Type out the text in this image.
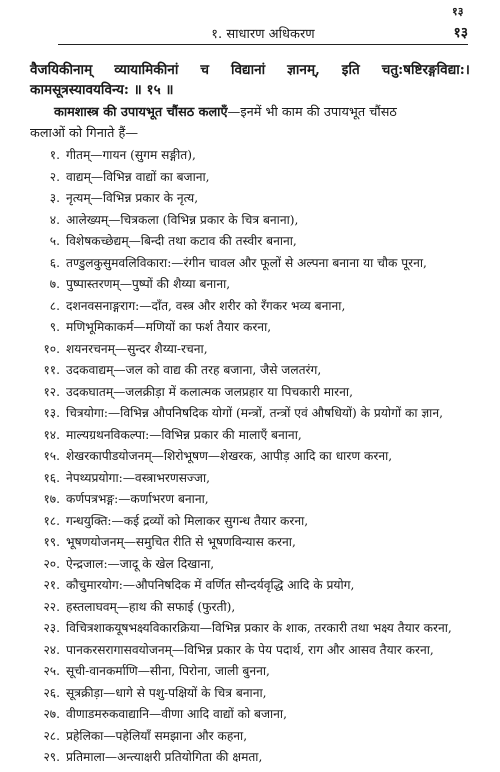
१३
१. साधारण अधिकरण	१३
वैजयिकीनाम् व्यायामिकीनां च विद्यानां ज्ञानम्, इति चतु:षष्टिरङ्गविद्या:।
कामसूत्रस्यावयविन्य: ॥ १५ ॥
कामशास्त्र की उपायभूत चौंसठ कलाएँ—इनमें भी काम की उपायभूत चौंसठ
कलाओं को गिनाते हैं—
१. गीतम्—गायन (सुगम सङ्गीत),
२. वाद्यम्—विभिन्न वाद्यों का बजाना,
३. नृत्यम्—विभिन्न प्रकार के नृत्य,
४. आलेख्यम्—चित्रकला (विभिन्न प्रकार के चित्र बनाना),
५. विशेषकच्छेद्यम्—बिन्दी तथा कटाव की तस्वीर बनाना,
६. तण्डुलकुसुमवलिविकारा:—रंगीन चावल और फूलों से अल्पना बनाना या चौक पूरना,
७. पुष्पास्तरणम्—पुष्पों की शैय्या बनाना,
८. दशनवसनाङ्गराग:—दाँत, वस्त्र और शरीर को रँगकर भव्य बनाना,
९. मणिभूमिकाकर्म—मणियों का फर्श तैयार करना,
१०. शयनरचनम्—सुन्दर शैय्या-रचना,
११. उदकवाद्यम्—जल को वाद्य की तरह बजाना, जैसे जलतरंग,
१२. उदकघातम्—जलक्रीड़ा में कलात्मक जलप्रहार या पिचकारी मारना,
१३. चित्रयोगा:—विभिन्न औपनिषदिक योगों (मन्त्रों, तन्त्रों एवं औषधियों) के प्रयोगों का ज्ञान,
१४. माल्यग्रथनविकल्पा:—विभिन्न प्रकार की मालाएँ बनाना,
१५. शेखरकापीडयोजनम्—शिरोभूषण—शेखरक, आपीड़ आदि का धारण करना,
१६. नेपथ्यप्रयोगा:—वस्त्राभरणसज्जा,
१७. कर्णपत्रभङ्ग:—कर्णाभरण बनाना,
१८. गन्धयुक्ति:—कई द्रव्यों को मिलाकर सुगन्ध तैयार करना,
१९. भूषणयोजनम्—समुचित रीति से भूषणविन्यास करना,
२०. ऐन्द्रजाल:—जादू के खेल दिखाना,
२१. कौचुमारयोग:—औपनिषदिक में वर्णित सौन्दर्यवृद्धि आदि के प्रयोग,
२२. हस्तलाघवम्—हाथ की सफाई (फुरती),
२३. विचित्रशाकयूषभक्ष्यविकारक्रिया—विभिन्न प्रकार के शाक, तरकारी तथा भक्ष्य तैयार करना,
२४. पानकरसरागासवयोजनम्—विभिन्न प्रकार के पेय पदार्थ, राग और आसव तैयार करना,
२५. सूची-वानकर्माणि—सीना, पिरोना, जाली बुनना,
२६. सूत्रक्रीड़ा—धागे से पशु-पक्षियों के चित्र बनाना,
२७. वीणाडमरुकवाद्यानि—वीणा आदि वाद्यों को बजाना,
२८. प्रहेलिका—पहेलियाँ समझाना और कहना,
२९. प्रतिमाला—अन्त्याक्षरी प्रतियोगिता की क्षमता,
